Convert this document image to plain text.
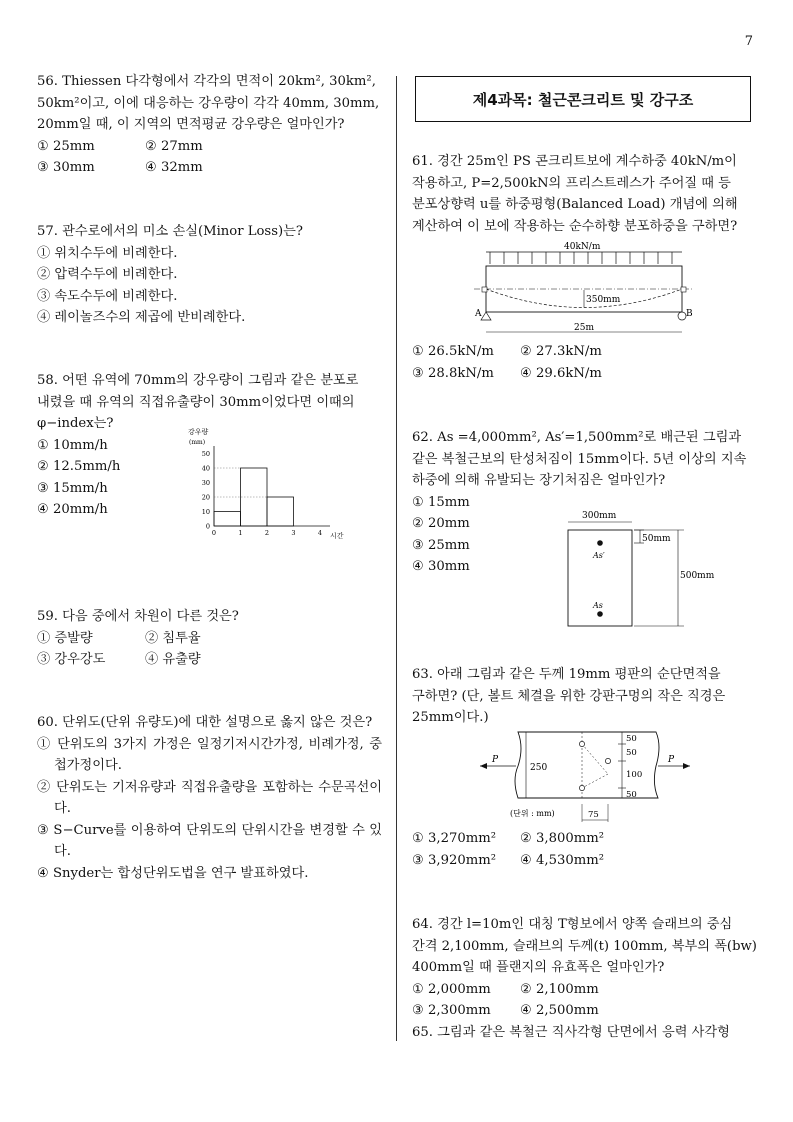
7

56. Thiessen 다각형에서 각각의 면적이 20km², 30km²,

50km²이고, 이에 대응하는 강우량이 각각 40mm, 30mm,

20mm일 때, 이 지역의 면적평균 강우량은 얼마인가?

① 25mm	② 27mm
③ 30mm	④ 32mm

57. 관수로에서의 미소 손실(Minor Loss)는?

① 위치수두에 비례한다.
② 압력수두에 비례한다.
③ 속도수두에 비례한다.
④ 레이놀즈수의 제곱에 반비례한다.

58. 어떤 유역에 70mm의 강우량이 그림과 같은 분포로

내렸을 때 유역의 직접유출량이 30mm이었다면 이때의

φ−index는?

① 10mm/h
② 12.5mm/h
③ 15mm/h
④ 20mm/h
강우량
(mm)
50
40
30
20
10
0
0	1	2	3	4 시간

59. 다음 중에서 차원이 다른 것은?

① 증발량	② 침투율
③ 강우강도	④ 유출량

60. 단위도(단위 유량도)에 대한 설명으로 옳지 않은 것은?

① 단위도의 3가지 가정은 일정기저시간가정, 비례가정, 중첩가정이다.

② 단위도는 기저유량과 직접유출량을 포함하는 수문곡선이다.

③ S−Curve를 이용하여 단위도의 단위시간을 변경할 수 있다.

④ Snyder는 합성단위도법을 연구 발표하였다.

제4과목: 철근콘크리트 및 강구조

61. 경간 25m인 PS 콘크리트보에 계수하중 40kN/m이

작용하고, P=2,500kN의 프리스트레스가 주어질 때 등

분포상향력 u를 하중평형(Balanced Load) 개념에 의해

계산하여 이 보에 작용하는 순수하향 분포하중을 구하면?

40kN/m
350mm
A	B
25m
① 26.5kN/m ② 27.3kN/m
③ 28.8kN/m ④ 29.6kN/m

62. As =4,000mm², As′=1,500mm²로 배근된 그림과

같은 복철근보의 탄성처짐이 15mm이다. 5년 이상의 지속

하중에 의해 유발되는 장기처짐은 얼마인가?

① 15mm
② 20mm
③ 25mm
④ 30mm
300mm
As′
As
50mm
500mm

63. 아래 그림과 같은 두께 19mm 평판의 순단면적을

구하면? (단, 볼트 체결을 위한 강판구멍의 작은 직경은

25mm이다.)

P
250
50
50
100
50
P
(단위 : mm)	75
① 3,270mm² ② 3,800mm²
③ 3,920mm² ④ 4,530mm²

64. 경간 l=10m인 대칭 T형보에서 양쪽 슬래브의 중심

간격 2,100mm, 슬래브의 두께(t) 100mm, 복부의 폭(bw)

400mm일 때 플랜지의 유효폭은 얼마인가?

① 2,000mm ② 2,100mm
③ 2,300mm ④ 2,500mm

65. 그림과 같은 복철근 직사각형 단면에서 응력 사각형
